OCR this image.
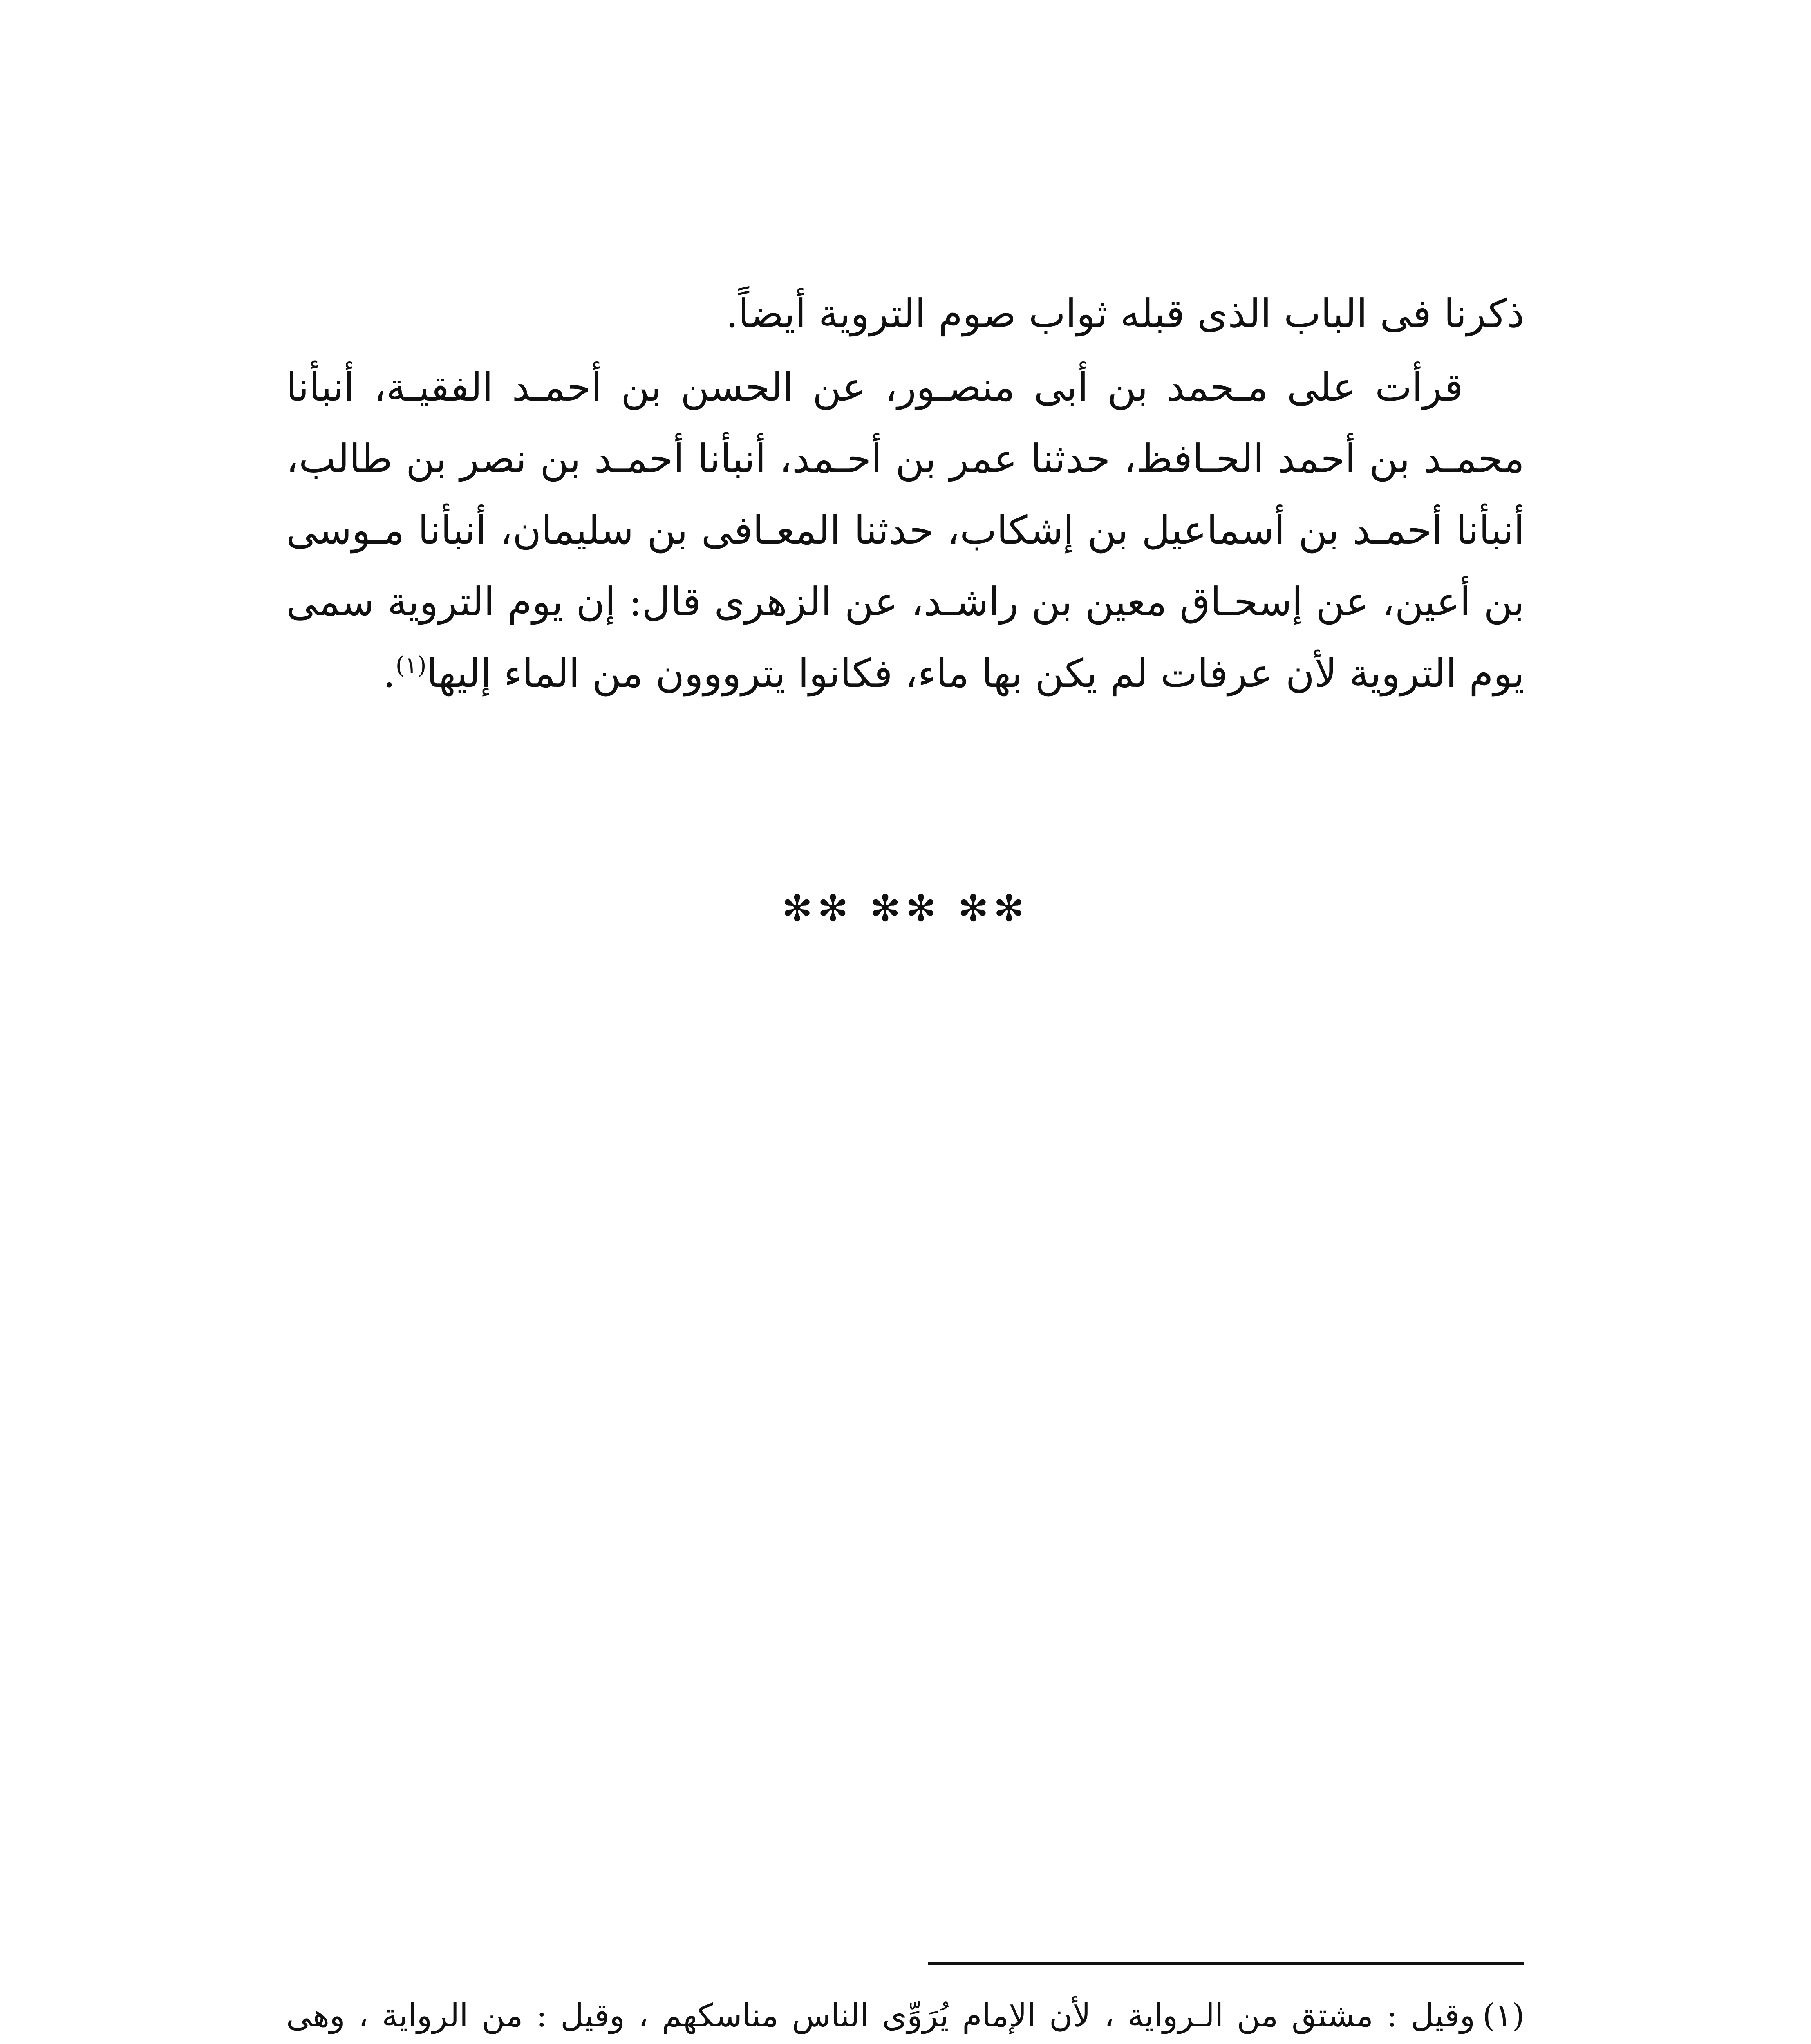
ذكرنا فى الباب الذى قبله ثواب صوم التروية أيضاً.

قرأت على مـحمد بن أبى منصـور، عن الحسن بن أحمـد الفقيـة، أنبأنا محمـد بن أحمد الحـافظ، حدثنا عمر بن أحـمد، أنبأنا أحمـد بن نصر بن طالب، أنبأنا أحمـد بن أسماعيل بن إشكاب، حدثنا المعـافى بن سليمان، أنبأنا مـوسى بن أعين، عن إسحـاق معين بن راشـد، عن الزهرى قال: إن يوم التروية سمى يوم التروية لأن عرفات لم يكن بها ماء، فكانوا يترووون من الماء إليها$^{(١)}$.

✻✻ ✻✻ ✻✻

(١)وقيل : مشتق من الـرواية ، لأن الإمام يُرَوِّى الناس مناسكهم ، وقيل : من الرواية ، وهى
